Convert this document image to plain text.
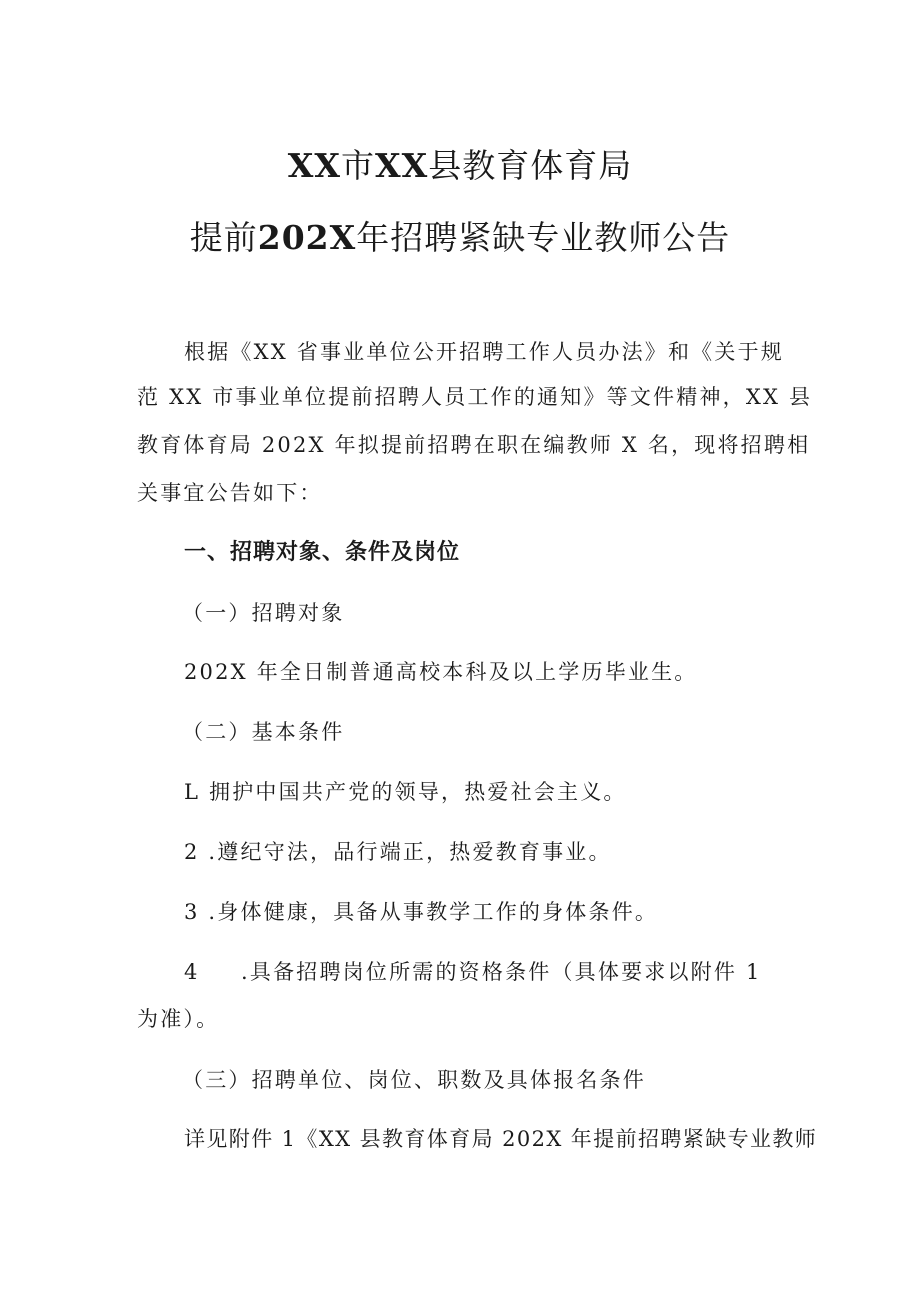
XX市XX县教育体育局
提前202X年招聘紧缺专业教师公告

根据《XX 省事业单位公开招聘工作人员办法》和《关于规

范 XX 市事业单位提前招聘人员工作的通知》等文件精神，XX 县

教育体育局 202X 年拟提前招聘在职在编教师 X 名，现将招聘相

关事宜公告如下：

一、招聘对象、条件及岗位

（一）招聘对象

202X 年全日制普通高校本科及以上学历毕业生。

（二）基本条件

L 拥护中国共产党的领导，热爱社会主义。

2 .遵纪守法，品行端正，热爱教育事业。

3 .身体健康，具备从事教学工作的身体条件。

4 .具备招聘岗位所需的资格条件（具体要求以附件 1

为准）。

（三）招聘单位、岗位、职数及具体报名条件

详见附件 1《XX 县教育体育局 202X 年提前招聘紧缺专业教师
